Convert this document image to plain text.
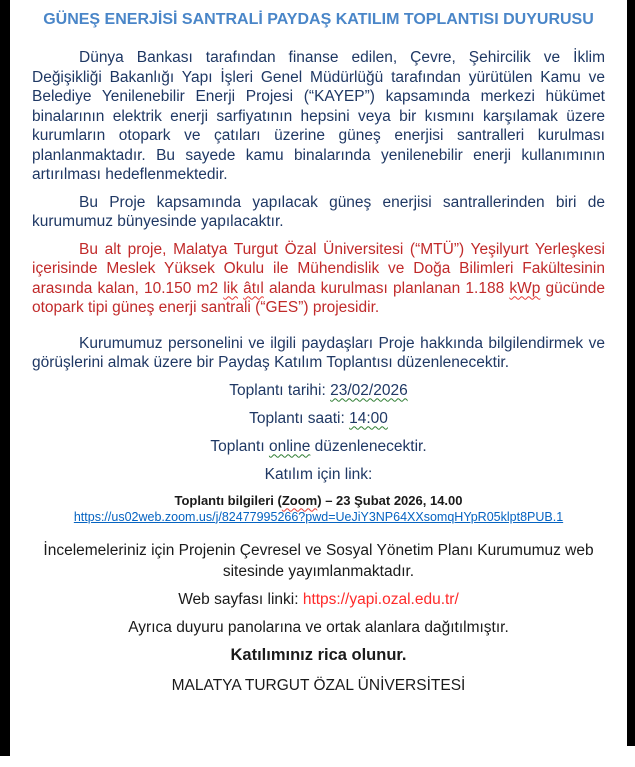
GÜNEŞ ENERJİSİ SANTRALİ PAYDAŞ KATILIM TOPLANTISI DUYURUSU

Dünya Bankası tarafından finanse edilen, Çevre, Şehircilik ve İklim Değişikliği Bakanlığı Yapı İşleri Genel Müdürlüğü tarafından yürütülen Kamu ve Belediye Yenilenebilir Enerji Projesi (“KAYEP”) kapsamında merkezi hükümet binalarının elektrik enerji sarfiyatının hepsini veya bir kısmını karşılamak üzere kurumların otopark ve çatıları üzerine güneş enerjisi santralleri kurulması planlanmaktadır. Bu sayede kamu binalarında yenilenebilir enerji kullanımının artırılması hedeflenmektedir.

Bu Proje kapsamında yapılacak güneş enerjisi santrallerinden biri de kurumumuz bünyesinde yapılacaktır.

Bu alt proje, Malatya Turgut Özal Üniversitesi (“MTÜ”) Yeşilyurt Yerleşkesi içerisinde Meslek Yüksek Okulu ile Mühendislik ve Doğa Bilimleri Fakültesinin arasında kalan, 10.150 m2 lik âtıl alanda kurulması planlanan 1.188 kWp gücünde otopark tipi güneş enerji santrali (“GES”) projesidir.

Kurumumuz personelini ve ilgili paydaşları Proje hakkında bilgilendirmek ve görüşlerini almak üzere bir Paydaş Katılım Toplantısı düzenlenecektir.

Toplantı tarihi: 23/02/2026
Toplantı saati: 14:00
Toplantı online düzenlenecektir.
Katılım için link:
Toplantı bilgileri (Zoom) – 23 Şubat 2026, 14.00
https://us02web.zoom.us/j/82477995266?pwd=UeJiY3NP64XXsomqHYpR05klpt8PUB.1
İncelemeleriniz için Projenin Çevresel ve Sosyal Yönetim Planı Kurumumuz web sitesinde yayımlanmaktadır.
Web sayfası linki: https://yapi.ozal.edu.tr/
Ayrıca duyuru panolarına ve ortak alanlara dağıtılmıştır.
Katılımınız rica olunur.
MALATYA TURGUT ÖZAL ÜNİVERSİTESİ
